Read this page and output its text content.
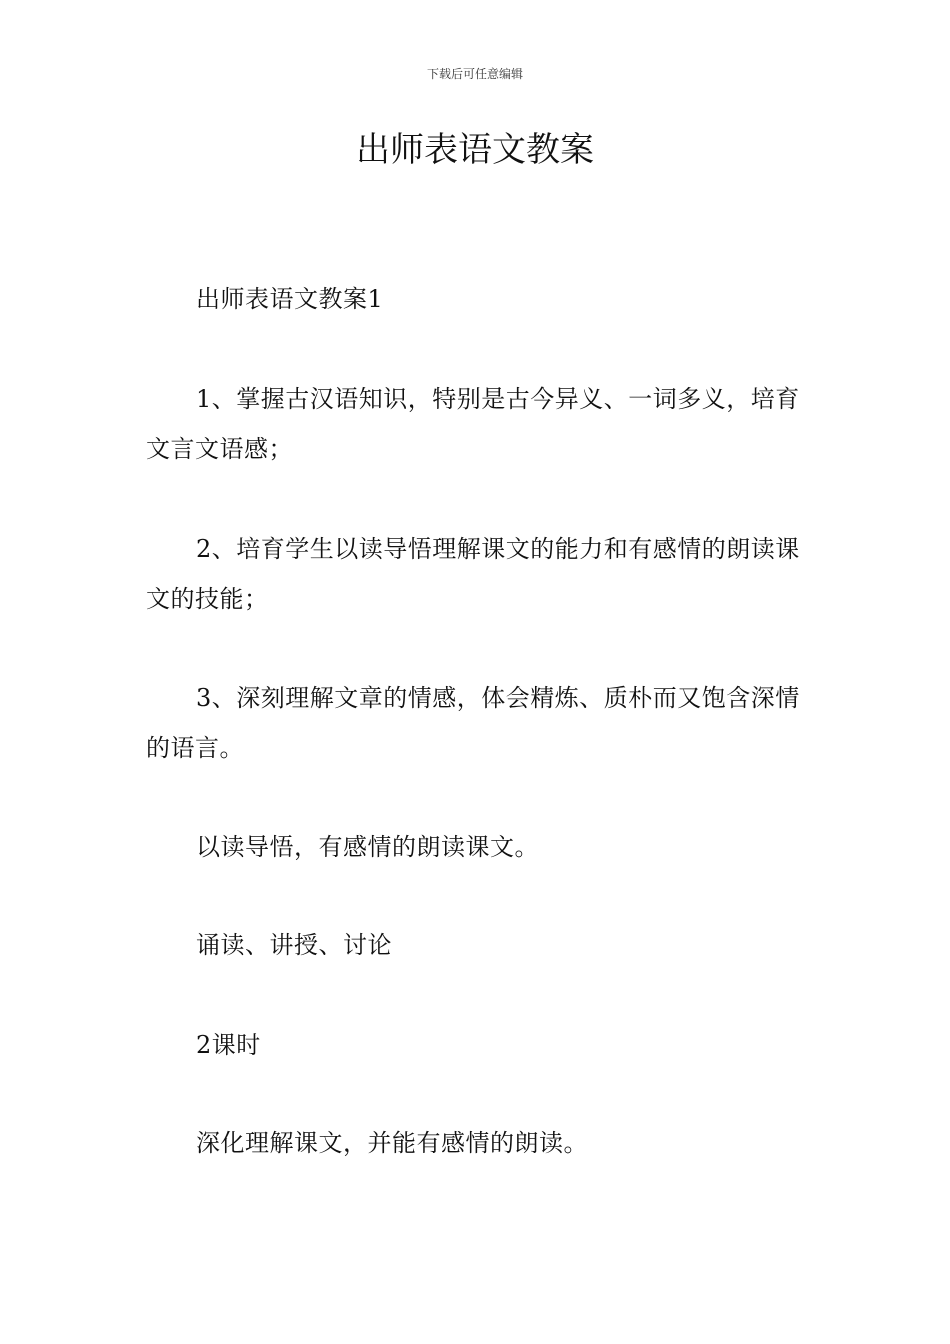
下载后可任意编辑
出师表语文教案

出师表语文教案1

1、掌握古汉语知识，特别是古今异义、一词多义，培育文言文语感；

2、培育学生以读导悟理解课文的能力和有感情的朗读课文的技能；

3、深刻理解文章的情感，体会精炼、质朴而又饱含深情的语言。

以读导悟，有感情的朗读课文。

诵读、讲授、讨论

2课时

深化理解课文，并能有感情的朗读。
